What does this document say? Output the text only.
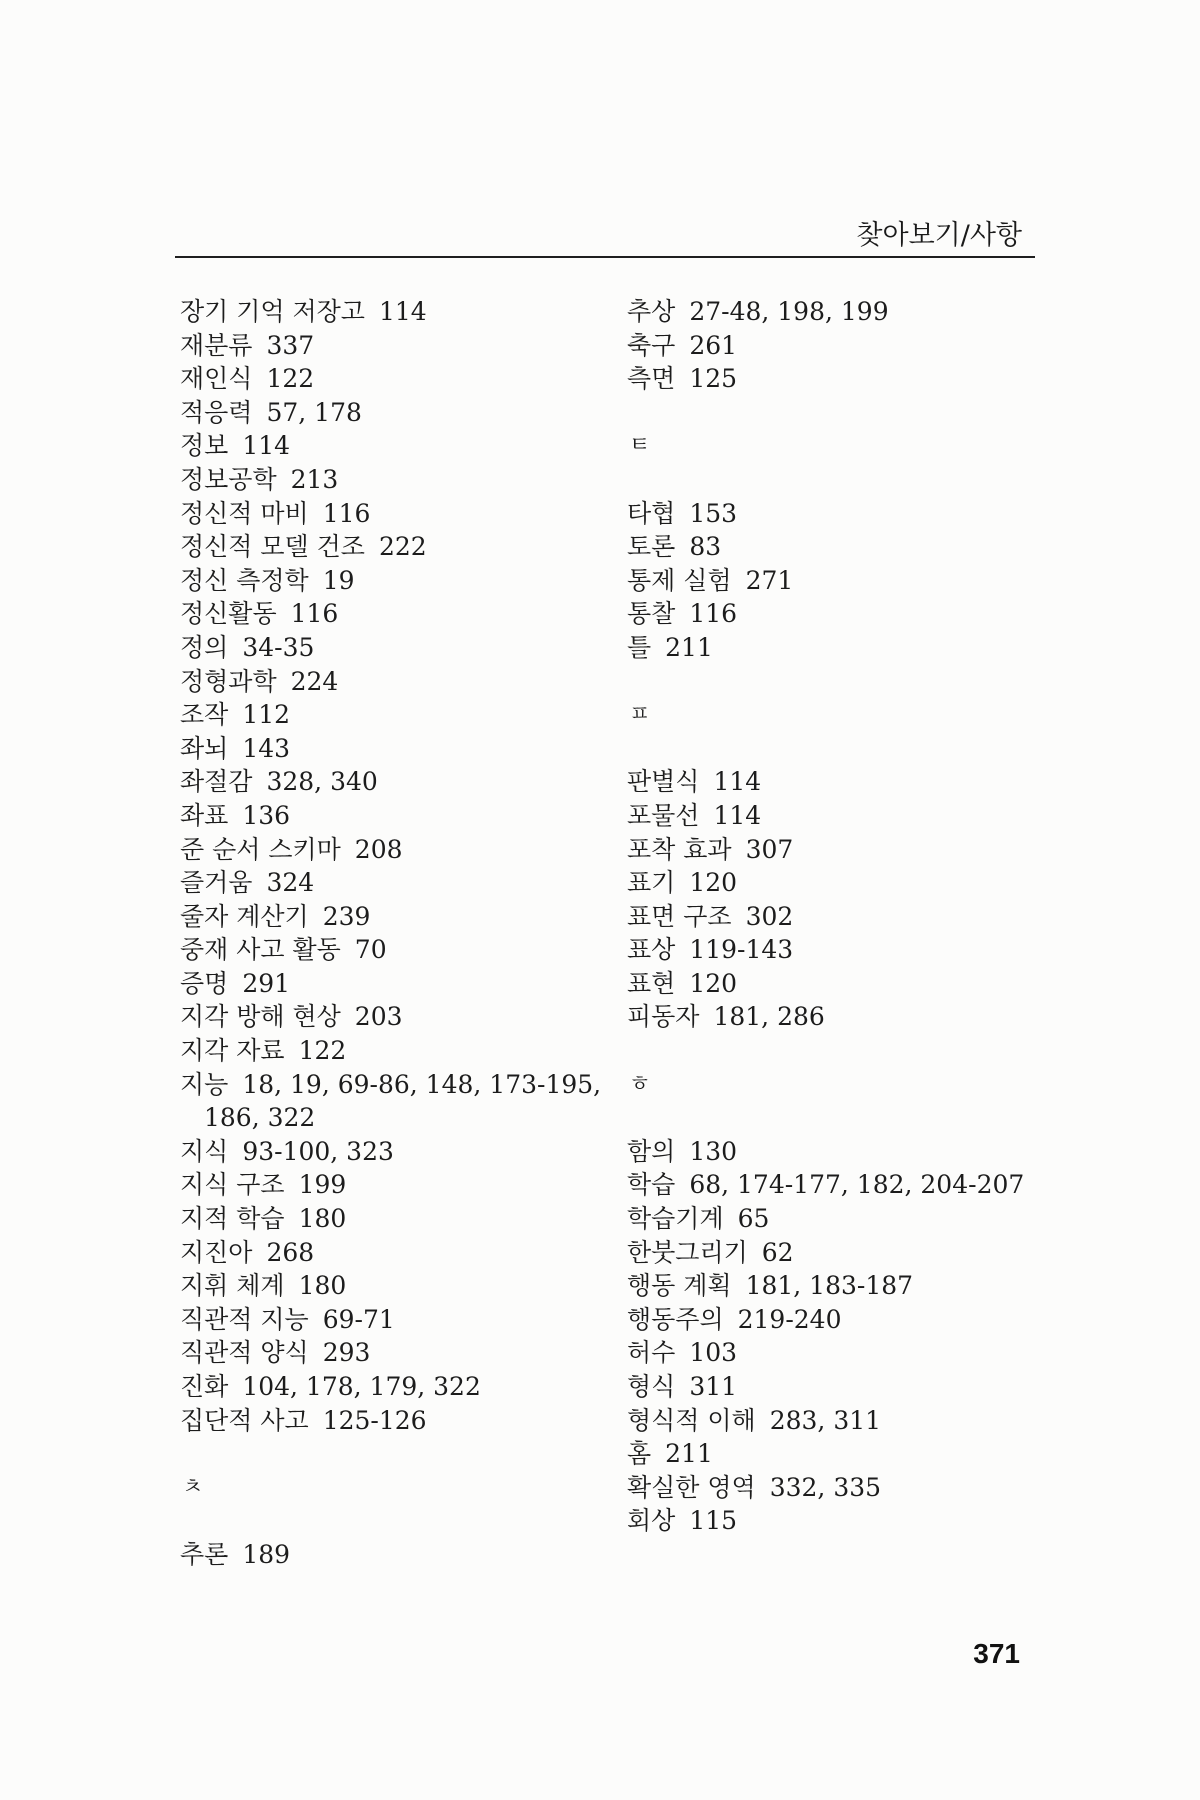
찾아보기/사항
장기 기억 저장고 114
재분류 337
재인식 122
적응력 57, 178
정보 114
정보공학 213
정신적 마비 116
정신적 모델 건조 222
정신 측정학 19
정신활동 116
정의 34-35
정형과학 224
조작 112
좌뇌 143
좌절감 328, 340
좌표 136
준 순서 스키마 208
즐거움 324
줄자 계산기 239
중재 사고 활동 70
증명 291
지각 방해 현상 203
지각 자료 122
지능 18, 19, 69-86, 148, 173-195,
186, 322
지식 93-100, 323
지식 구조 199
지적 학습 180
지진아 268
지휘 체계 180
직관적 지능 69-71
직관적 양식 293
진화 104, 178, 179, 322
집단적 사고 125-126
ㅊ
추론 189
추상 27-48, 198, 199
축구 261
측면 125
ㅌ
타협 153
토론 83
통제 실험 271
통찰 116
틀 211
ㅍ
판별식 114
포물선 114
포착 효과 307
표기 120
표면 구조 302
표상 119-143
표현 120
피동자 181, 286
ㅎ
함의 130
학습 68, 174-177, 182, 204-207
학습기계 65
한붓그리기 62
행동 계획 181, 183-187
행동주의 219-240
허수 103
형식 311
형식적 이해 283, 311
홈 211
확실한 영역 332, 335
회상 115
371
